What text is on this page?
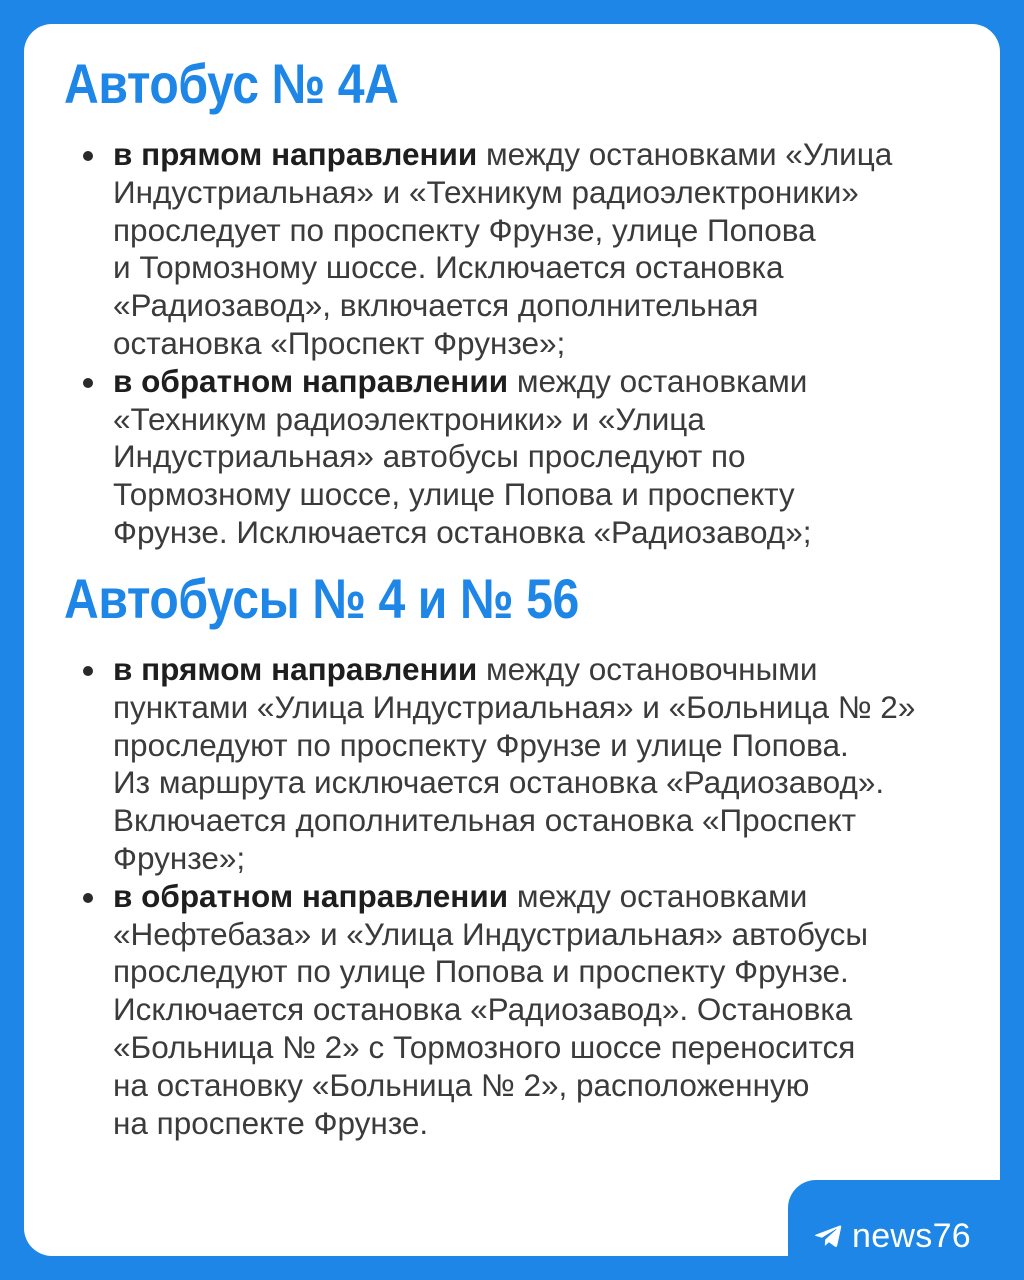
Автобус № 4А
в прямом направлении между остановками «Улица
Индустриальная» и «Техникум радиоэлектроники»
проследует по проспекту Фрунзе, улице Попова
и Тормозному шоссе. Исключается остановка
«Радиозавод», включается дополнительная
остановка «Проспект Фрунзе»;
в обратном направлении между остановками
«Техникум радиоэлектроники» и «Улица
Индустриальная» автобусы проследуют по
Тормозному шоссе, улице Попова и проспекту
Фрунзе. Исключается остановка «Радиозавод»;
Автобусы № 4 и № 56
в прямом направлении между остановочными
пунктами «Улица Индустриальная» и «Больница № 2»
проследуют по проспекту Фрунзе и улице Попова.
Из маршрута исключается остановка «Радиозавод».
Включается дополнительная остановка «Проспект
Фрунзе»;
в обратном направлении между остановками
«Нефтебаза» и «Улица Индустриальная» автобусы
проследуют по улице Попова и проспекту Фрунзе.
Исключается остановка «Радиозавод». Остановка
«Больница № 2» с Тормозного шоссе переносится
на остановку «Больница № 2», расположенную
на проспекте Фрунзе.
news76
